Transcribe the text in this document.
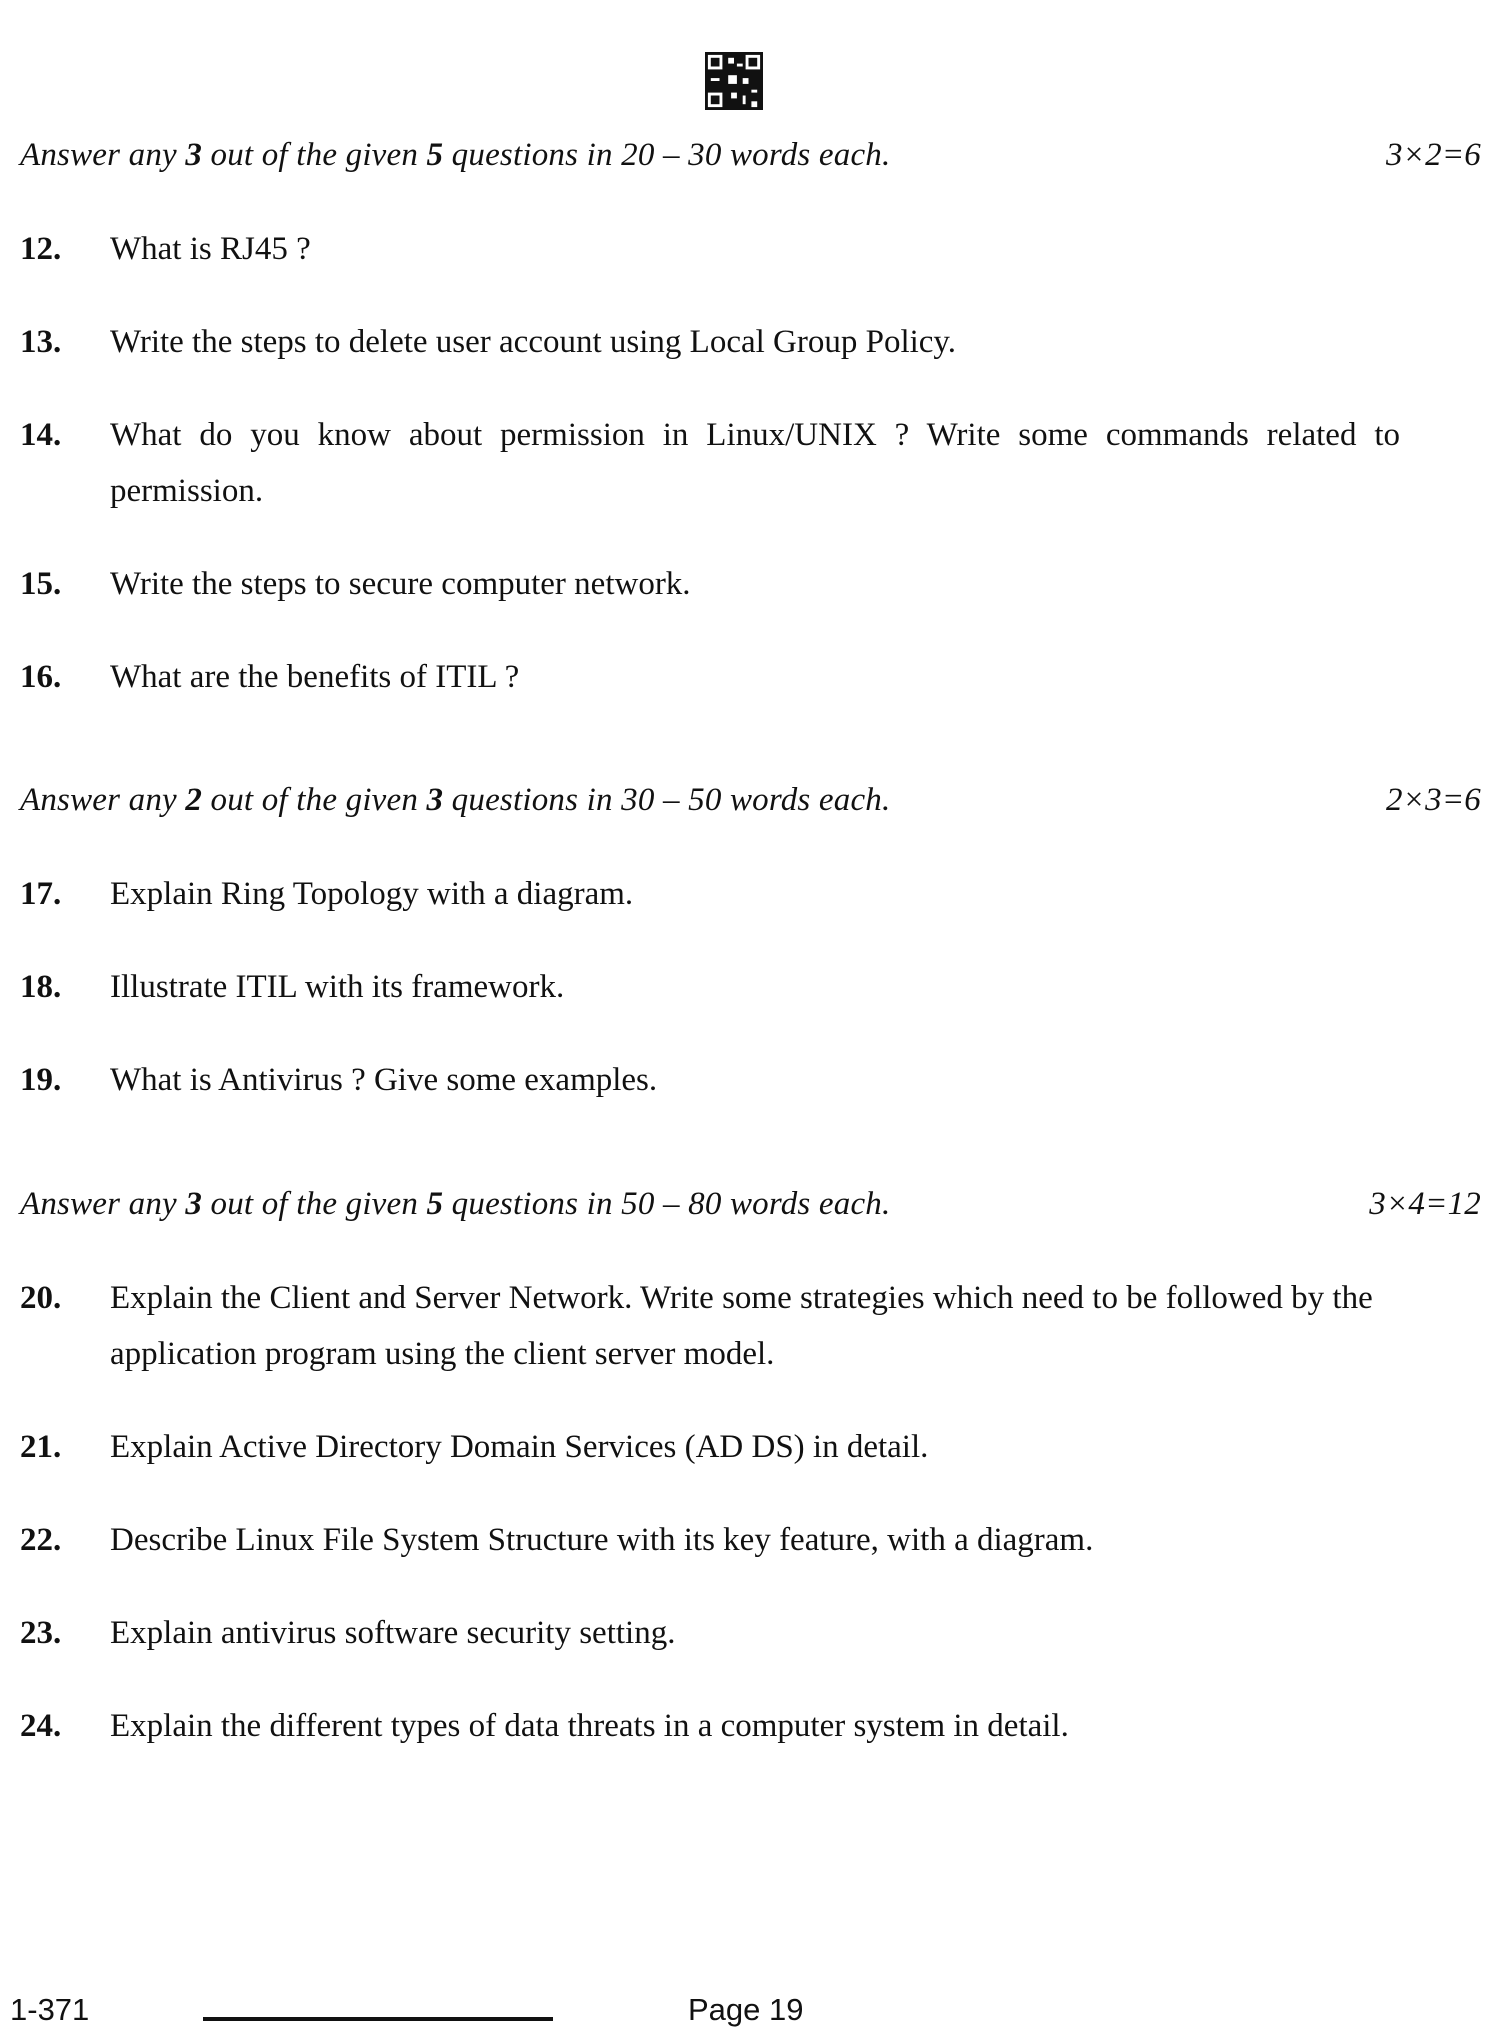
Answer any 3 out of the given 5 questions in 20 – 30 words each.	3×2=6
12.	What is RJ45 ?
13.	Write the steps to delete user account using Local Group Policy.
14.	What do you know about permission in Linux/UNIX ? Write some commands related to permission.
15.	Write the steps to secure computer network.
16.	What are the benefits of ITIL ?
Answer any 2 out of the given 3 questions in 30 – 50 words each.	2×3=6
17.	Explain Ring Topology with a diagram.
18.	Illustrate ITIL with its framework.
19.	What is Antivirus ? Give some examples.
Answer any 3 out of the given 5 questions in 50 – 80 words each.	3×4=12
20.	Explain the Client and Server Network. Write some strategies which need to be followed by the application program using the client server model.
21.	Explain Active Directory Domain Services (AD DS) in detail.
22.	Describe Linux File System Structure with its key feature, with a diagram.
23.	Explain antivirus software security setting.
24.	Explain the different types of data threats in a computer system in detail.
1-371	Page 19
